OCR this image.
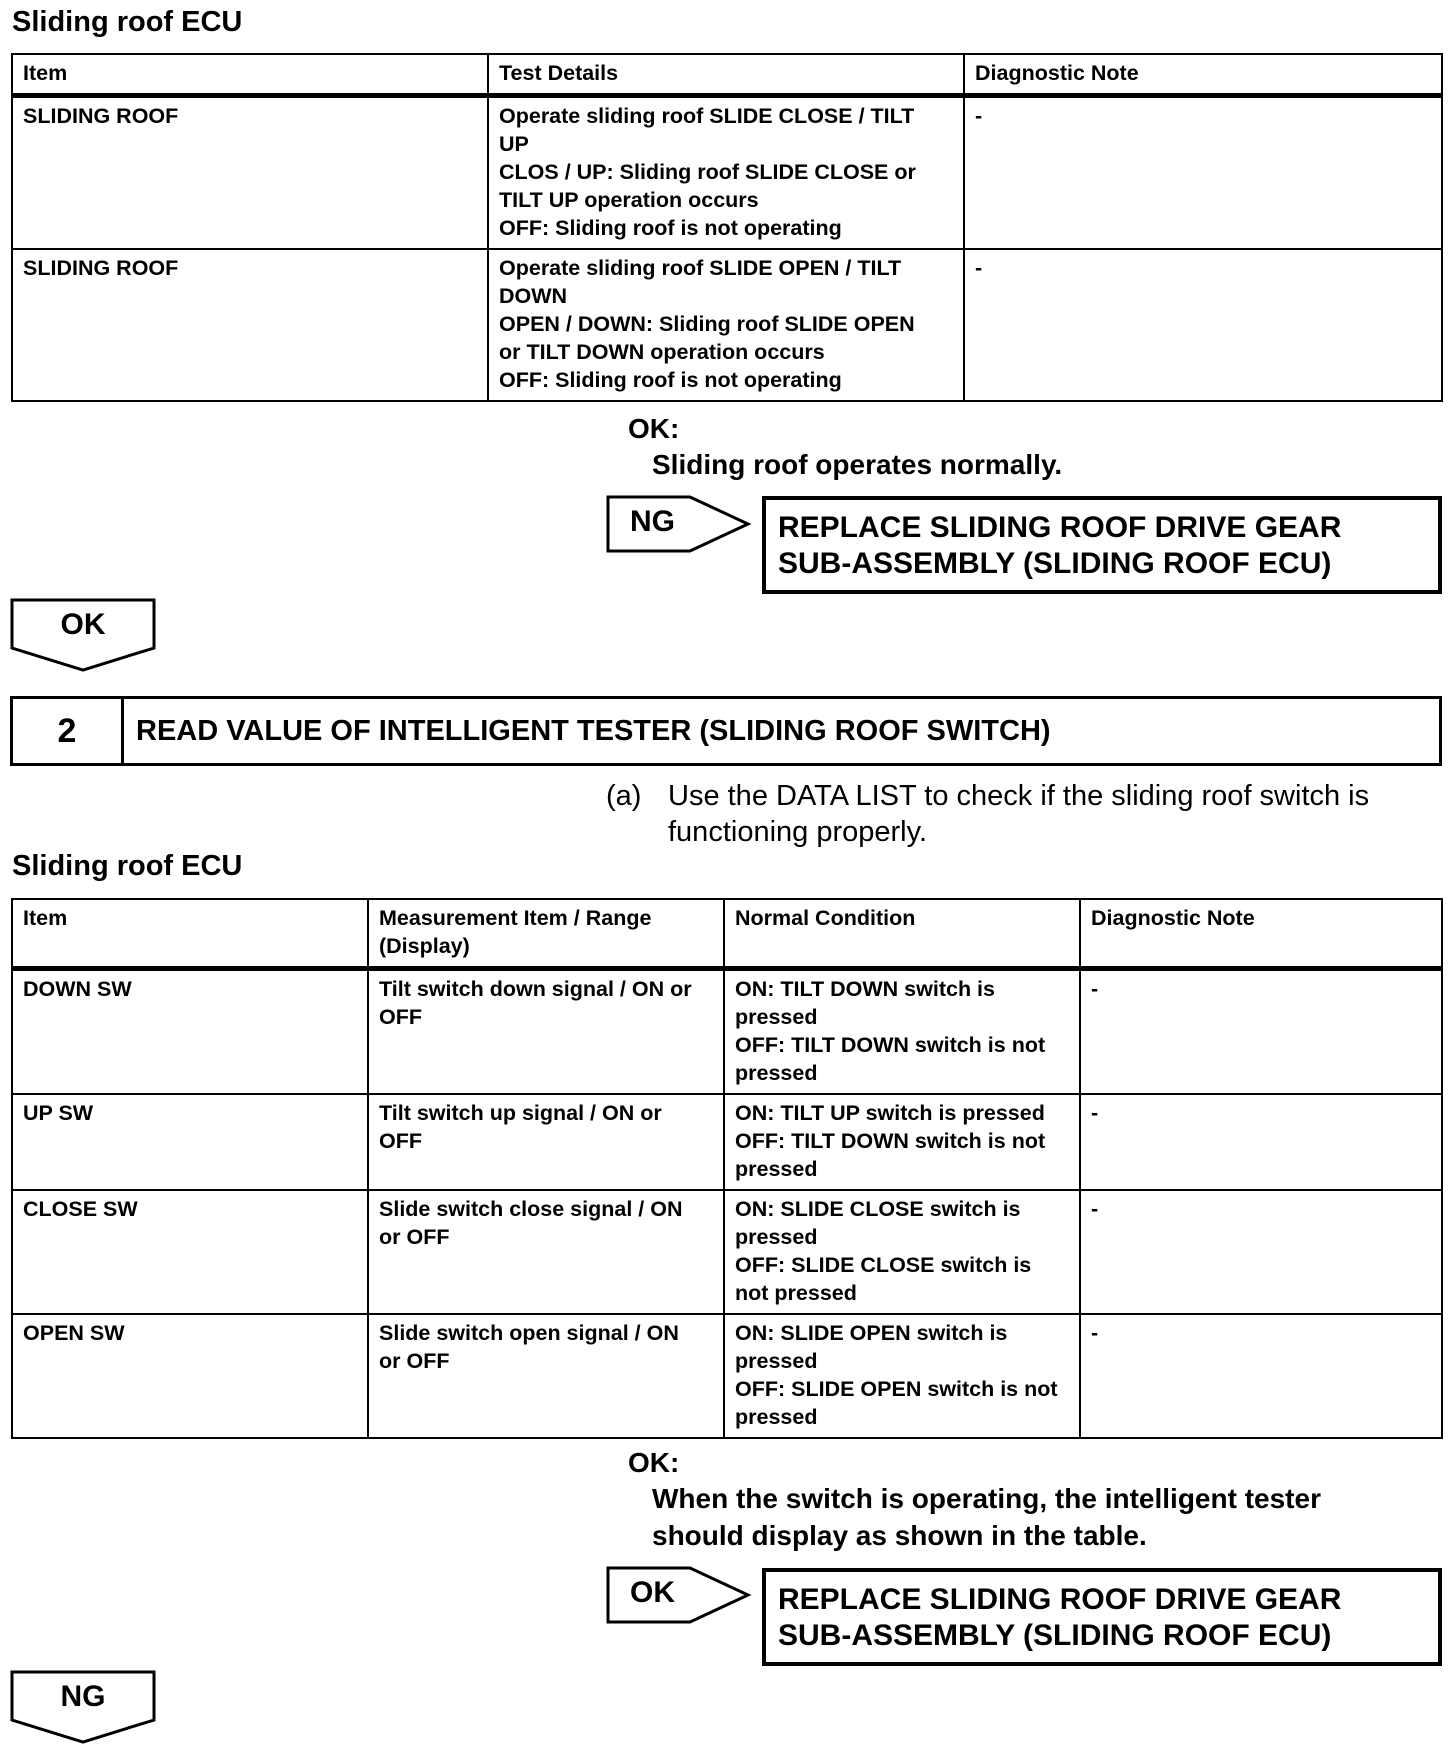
Sliding roof ECU
Item	Test Details	Diagnostic Note
SLIDING ROOF	Operate sliding roof SLIDE CLOSE / TILT
UP
CLOS / UP: Sliding roof SLIDE CLOSE or
TILT UP operation occurs
OFF: Sliding roof is not operating	-
SLIDING ROOF	Operate sliding roof SLIDE OPEN / TILT
DOWN
OPEN / DOWN: Sliding roof SLIDE OPEN
or TILT DOWN operation occurs
OFF: Sliding roof is not operating	-
OK:
Sliding roof operates normally.
NG	REPLACE SLIDING ROOF DRIVE GEAR
SUB-ASSEMBLY (SLIDING ROOF ECU)
OK
2	READ VALUE OF INTELLIGENT TESTER (SLIDING ROOF SWITCH)
(a) Use the DATA LIST to check if the sliding roof switch is
functioning properly.
Sliding roof ECU
Item	Measurement Item / Range
(Display)	Normal Condition	Diagnostic Note
DOWN SW	Tilt switch down signal / ON or
OFF	ON: TILT DOWN switch is
pressed
OFF: TILT DOWN switch is not
pressed	-
UP SW	Tilt switch up signal / ON or
OFF	ON: TILT UP switch is pressed
OFF: TILT DOWN switch is not
pressed	-
CLOSE SW	Slide switch close signal / ON
or OFF	ON: SLIDE CLOSE switch is
pressed
OFF: SLIDE CLOSE switch is
not pressed	-
OPEN SW	Slide switch open signal / ON
or OFF	ON: SLIDE OPEN switch is
pressed
OFF: SLIDE OPEN switch is not
pressed	-
OK:
When the switch is operating, the intelligent tester
should display as shown in the table.
OK	REPLACE SLIDING ROOF DRIVE GEAR
SUB-ASSEMBLY (SLIDING ROOF ECU)
NG
